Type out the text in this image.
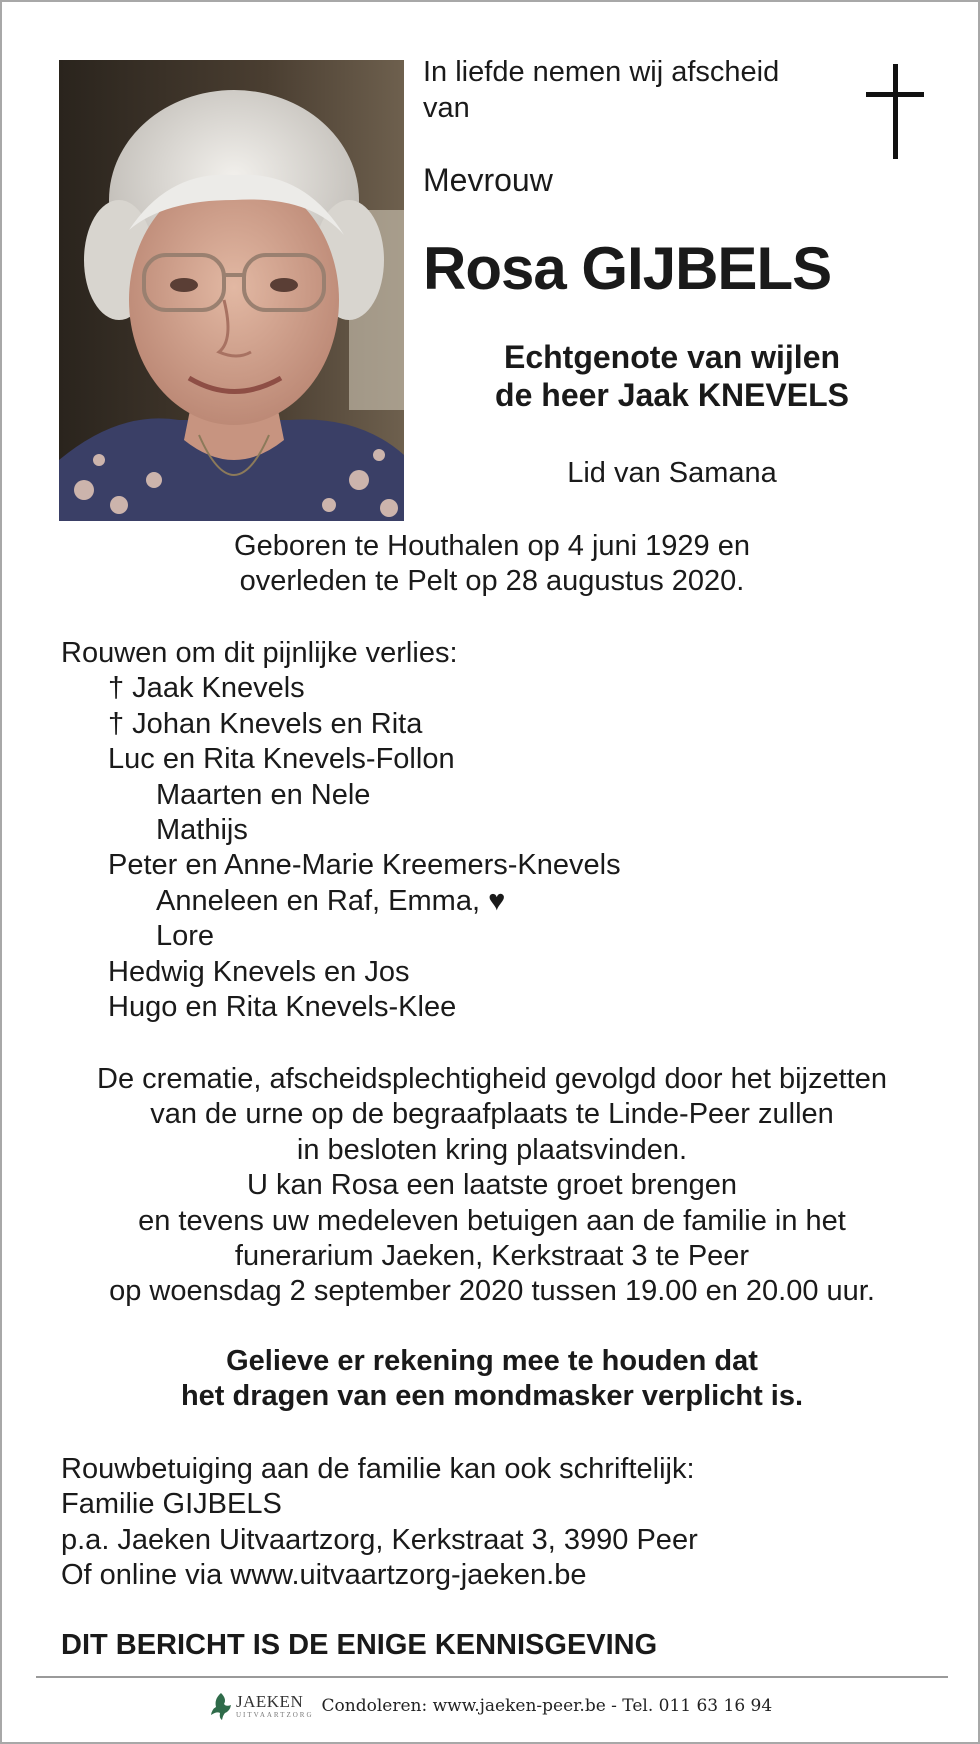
In liefde nemen wij afscheid van
Mevrouw
Rosa GIJBELS
Echtgenote van wijlen
de heer Jaak KNEVELS
Lid van Samana
Geboren te Houthalen op 4 juni 1929 en
overleden te Pelt op 28 augustus 2020.
Rouwen om dit pijnlijke verlies:
† Jaak Knevels
† Johan Knevels en Rita
Luc en Rita Knevels-Follon
Maarten en Nele
Mathijs
Peter en Anne-Marie Kreemers-Knevels
Anneleen en Raf, Emma, ♥
Lore
Hedwig Knevels en Jos
Hugo en Rita Knevels-Klee
De crematie, afscheidsplechtigheid gevolgd door het bijzetten
van de urne op de begraafplaats te Linde-Peer zullen
in besloten kring plaatsvinden.
U kan Rosa een laatste groet brengen
en tevens uw medeleven betuigen aan de familie in het
funerarium Jaeken, Kerkstraat 3 te Peer
op woensdag 2 september 2020 tussen 19.00 en 20.00 uur.
Gelieve er rekening mee te houden dat
het dragen van een mondmasker verplicht is.
Rouwbetuiging aan de familie kan ook schriftelijk:
Familie GIJBELS
p.a. Jaeken Uitvaartzorg, Kerkstraat 3, 3990 Peer
Of online via www.uitvaartzorg-jaeken.be
DIT BERICHT IS DE ENIGE KENNISGEVING
JAEKEN
UITVAARTZORG Condoleren: www.jaeken-peer.be - Tel. 011 63 16 94
